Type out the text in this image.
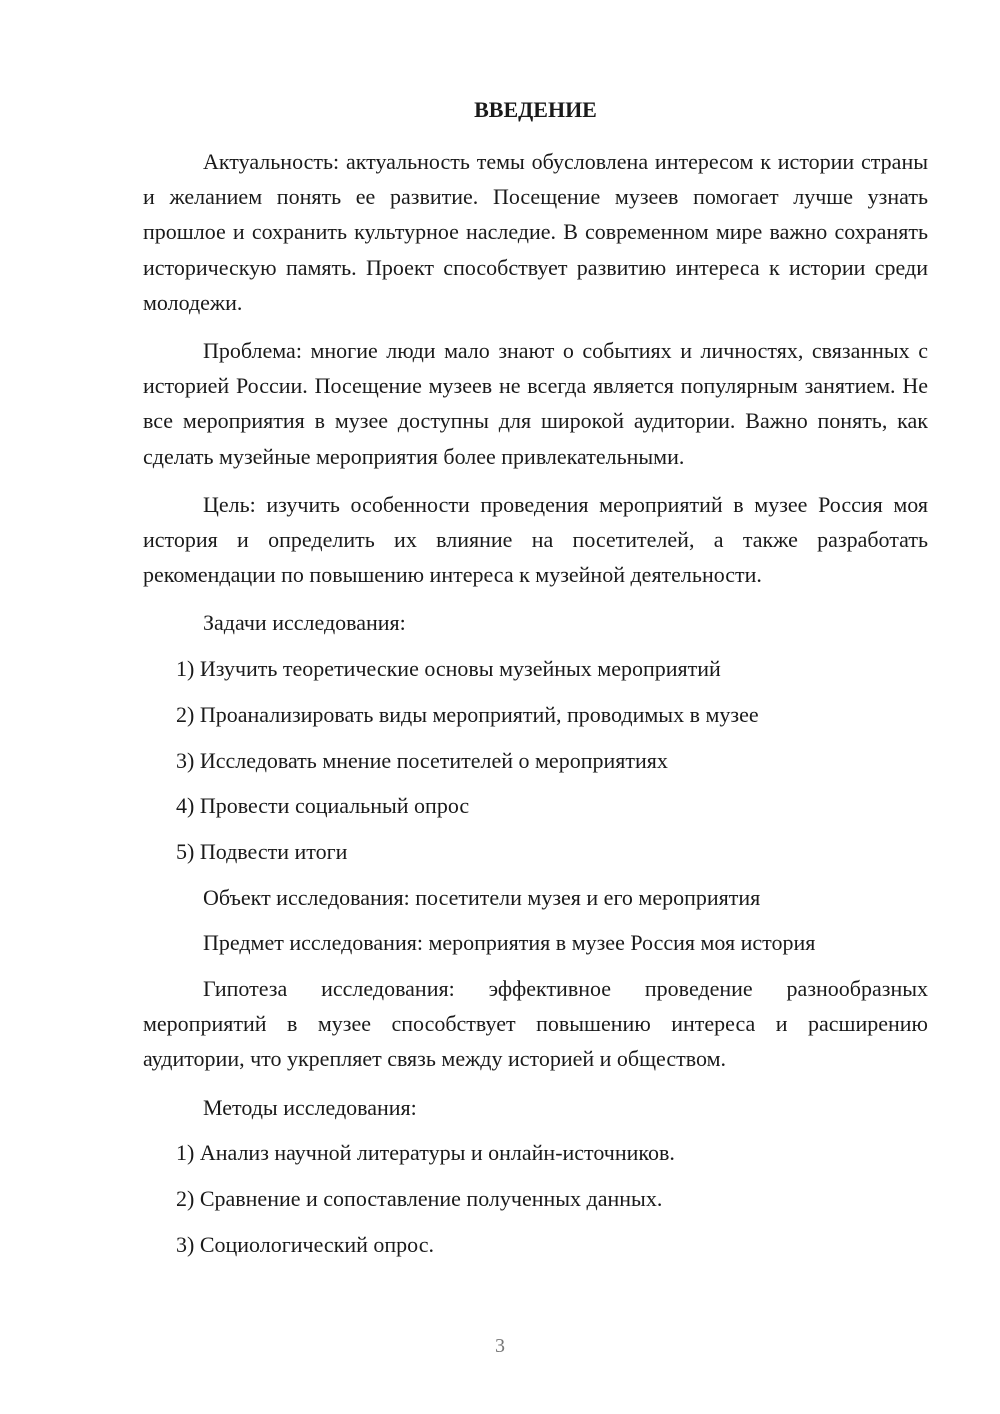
ВВЕДЕНИЕ

Актуальность: актуальность темы обусловлена интересом к истории страны и желанием понять ее развитие. Посещение музеев помогает лучше узнать прошлое и сохранить культурное наследие. В современном мире важно сохранять историческую память. Проект способствует развитию интереса к истории среди молодежи.

Проблема: многие люди мало знают о событиях и личностях, связанных с историей России. Посещение музеев не всегда является популярным занятием. Не все мероприятия в музее доступны для широкой аудитории. Важно понять, как сделать музейные мероприятия более привлекательными.

Цель: изучить особенности проведения мероприятий в музее Россия моя история и определить их влияние на посетителей, а также разработать рекомендации по повышению интереса к музейной деятельности.

Задачи исследования:
1) Изучить теоретические основы музейных мероприятий
2) Проанализировать виды мероприятий, проводимых в музее
3) Исследовать мнение посетителей о мероприятиях
4) Провести социальный опрос
5) Подвести итоги
Объект исследования: посетители музея и его мероприятия
Предмет исследования: мероприятия в музее Россия моя история

Гипотеза исследования: эффективное проведение разнообразных мероприятий в музее способствует повышению интереса и расширению аудитории, что укрепляет связь между историей и обществом.

Методы исследования:
1) Анализ научной литературы и онлайн-источников.
2) Сравнение и сопоставление полученных данных.
3) Социологический опрос.
3
